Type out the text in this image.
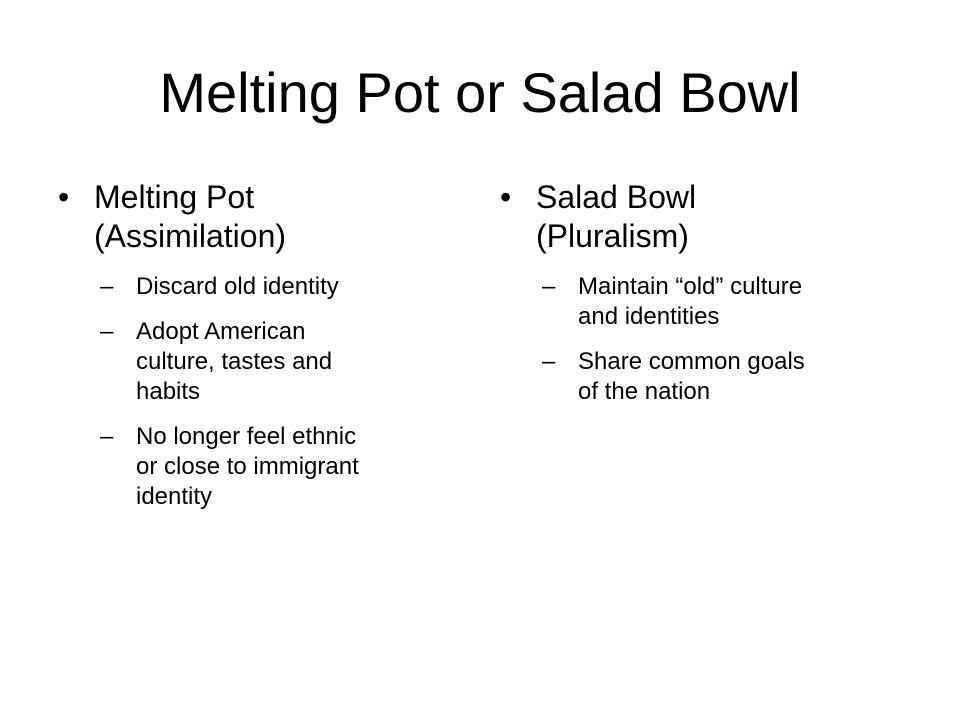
Melting Pot or Salad Bowl
• Melting Pot
(Assimilation)
– Discard old identity
– Adopt American
culture, tastes and
habits
– No longer feel ethnic
or close to immigrant
identity
• Salad Bowl
(Pluralism)
– Maintain “old” culture
and identities
– Share common goals
of the nation
